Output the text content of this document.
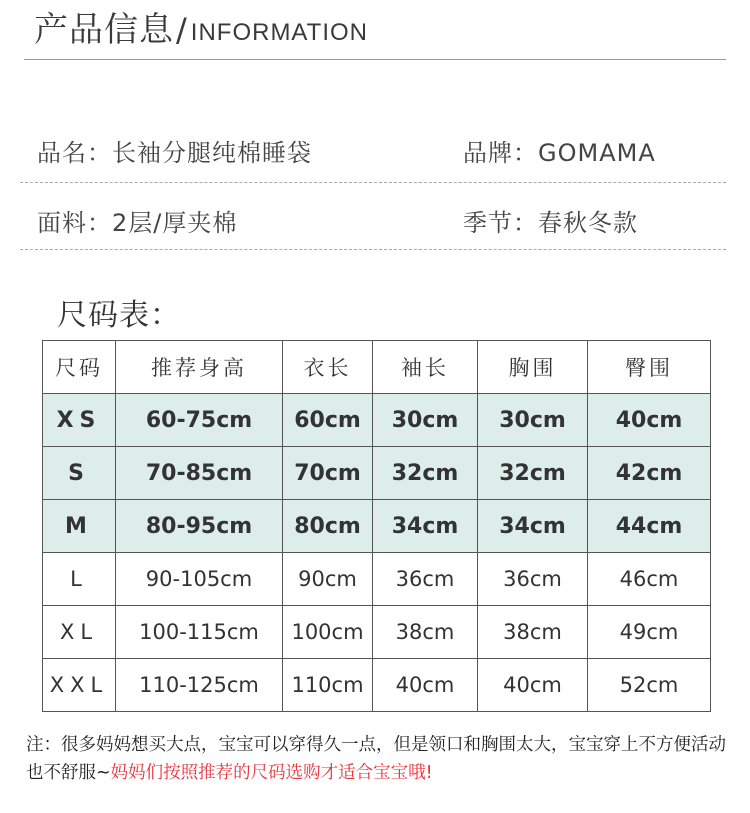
产品信息 / INFORMATION
品名：长袖分腿纯棉睡袋	品牌：GOMAMA
面料：2层/厚夹棉	季节：春秋冬款
尺码表：
尺码	推荐身高	衣长	袖长	胸围	臀围
XS	60-75cm	60cm	30cm	30cm	40cm
S	70-85cm	70cm	32cm	32cm	42cm
M	80-95cm	80cm	34cm	34cm	44cm
L	90-105cm	90cm	36cm	36cm	46cm
XL	100-115cm	100cm	38cm	38cm	49cm
XXL	110-125cm	110cm	40cm	40cm	52cm
注：很多妈妈想买大点，宝宝可以穿得久一点，但是领口和胸围太大，宝宝穿上不方便活动也不舒服~妈妈们按照推荐的尺码选购才适合宝宝哦!
